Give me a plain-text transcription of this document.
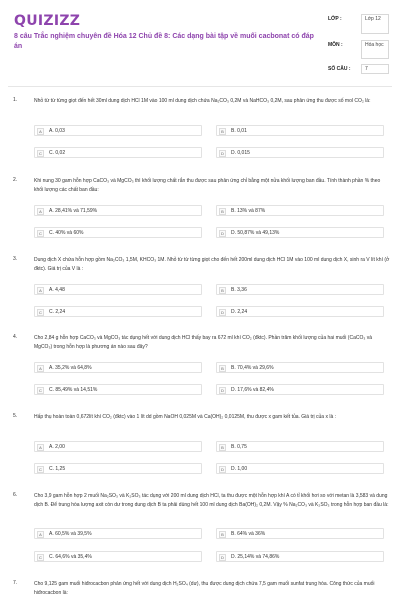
QUIZIZZ
8 câu Trắc nghiệm chuyên đề Hóa 12 Chủ đề 8: Các dạng bài tập về muối cacbonat có đáp án
LỚP :	Lớp 12
MÔN :	Hóa học
SỐ CÂU :	7
1.	Nhỏ từ từ từng giọt đến hết 30ml dung dịch HCl 1M vào 100 ml dung dịch chứa Na₂CO₃ 0,2M và NaHCO₃ 0,2M, sau phản ứng thu được số mol CO₂ là:
A	A. 0,03	B	B. 0,01
C	C. 0,02	D	D. 0,015
2.	Khi nung 30 gam hỗn hợp CaCO₃ và MgCO₃ thì khối lượng chất rắn thu được sau phản ứng chỉ bằng một nửa khối lượng ban đầu. Tính thành phần % theo khối lượng các chất ban đầu:
A	A. 28,41% và 71,59%	B	B. 13% và 87%
C	C. 40% và 60%	D	D. 50,87% và 49,13%
3.	Dung dịch X chứa hỗn hợp gồm Na₂CO₃ 1,5M, KHCO₃ 1M. Nhỏ từ từ từng giọt cho đến hết 200ml dung dịch HCl 1M vào 100 ml dung dịch X, sinh ra V lít khí (ở đktc). Giá trị của V là :
A	A. 4,48	B	B. 3,36
C	C. 2,24	D	D. 2,24
4.	Cho 2,84 g hỗn hợp CaCO₃ và MgCO₃ tác dụng hết với dung dịch HCl thấy bay ra 672 ml khí CO₂ (đktc). Phần trăm khối lượng của hai muối (CaCO₃ và MgCO₃) trong hỗn hợp là phương án nào sau đây?
A	A. 35,2% và 64,8%	B	B. 70,4% và 29,6%
C	C. 85,49% và 14,51%	D	D. 17,6% và 82,4%
5.	Hấp thụ hoàn toàn 0,672lít khí CO₂ (đktc) vào 1 lít dd gồm NaOH 0,025M và Ca(OH)₂ 0,0125M, thu được x gam kết tủa. Giá trị của x là :
A	A. 2,00	B	B. 0,75
C	C. 1,25	D	D. 1,00
6.	Cho 3,9 gam hỗn hợp 2 muối Na₂SO₃ và K₂SO₃ tác dụng với 200 ml dung dịch HCl, ta thu được một hỗn hợp khí A có tỉ khối hơi so với metan là 3,583 và dung dịch B. Để trung hòa lượng axit còn dư trong dung dịch B ta phải dùng hết 100 ml dung dịch Ba(OH)₂ 0,2M. Vậy % Na₂CO₃ và K₂SO₃ trong hỗn hợp ban đầu là:
A	A. 60,5% và 39,5%	B	B. 64% và 36%
C	C. 64,6% và 35,4%	D	D. 25,14% và 74,86%
7.	Cho 9,125 gam muối hiđrocacbon phản ứng hết với dung dịch H₂SO₄ (dư), thu được dung dịch chứa 7,5 gam muối sunfat trung hòa. Công thức của muối hiđrocacbon là:
